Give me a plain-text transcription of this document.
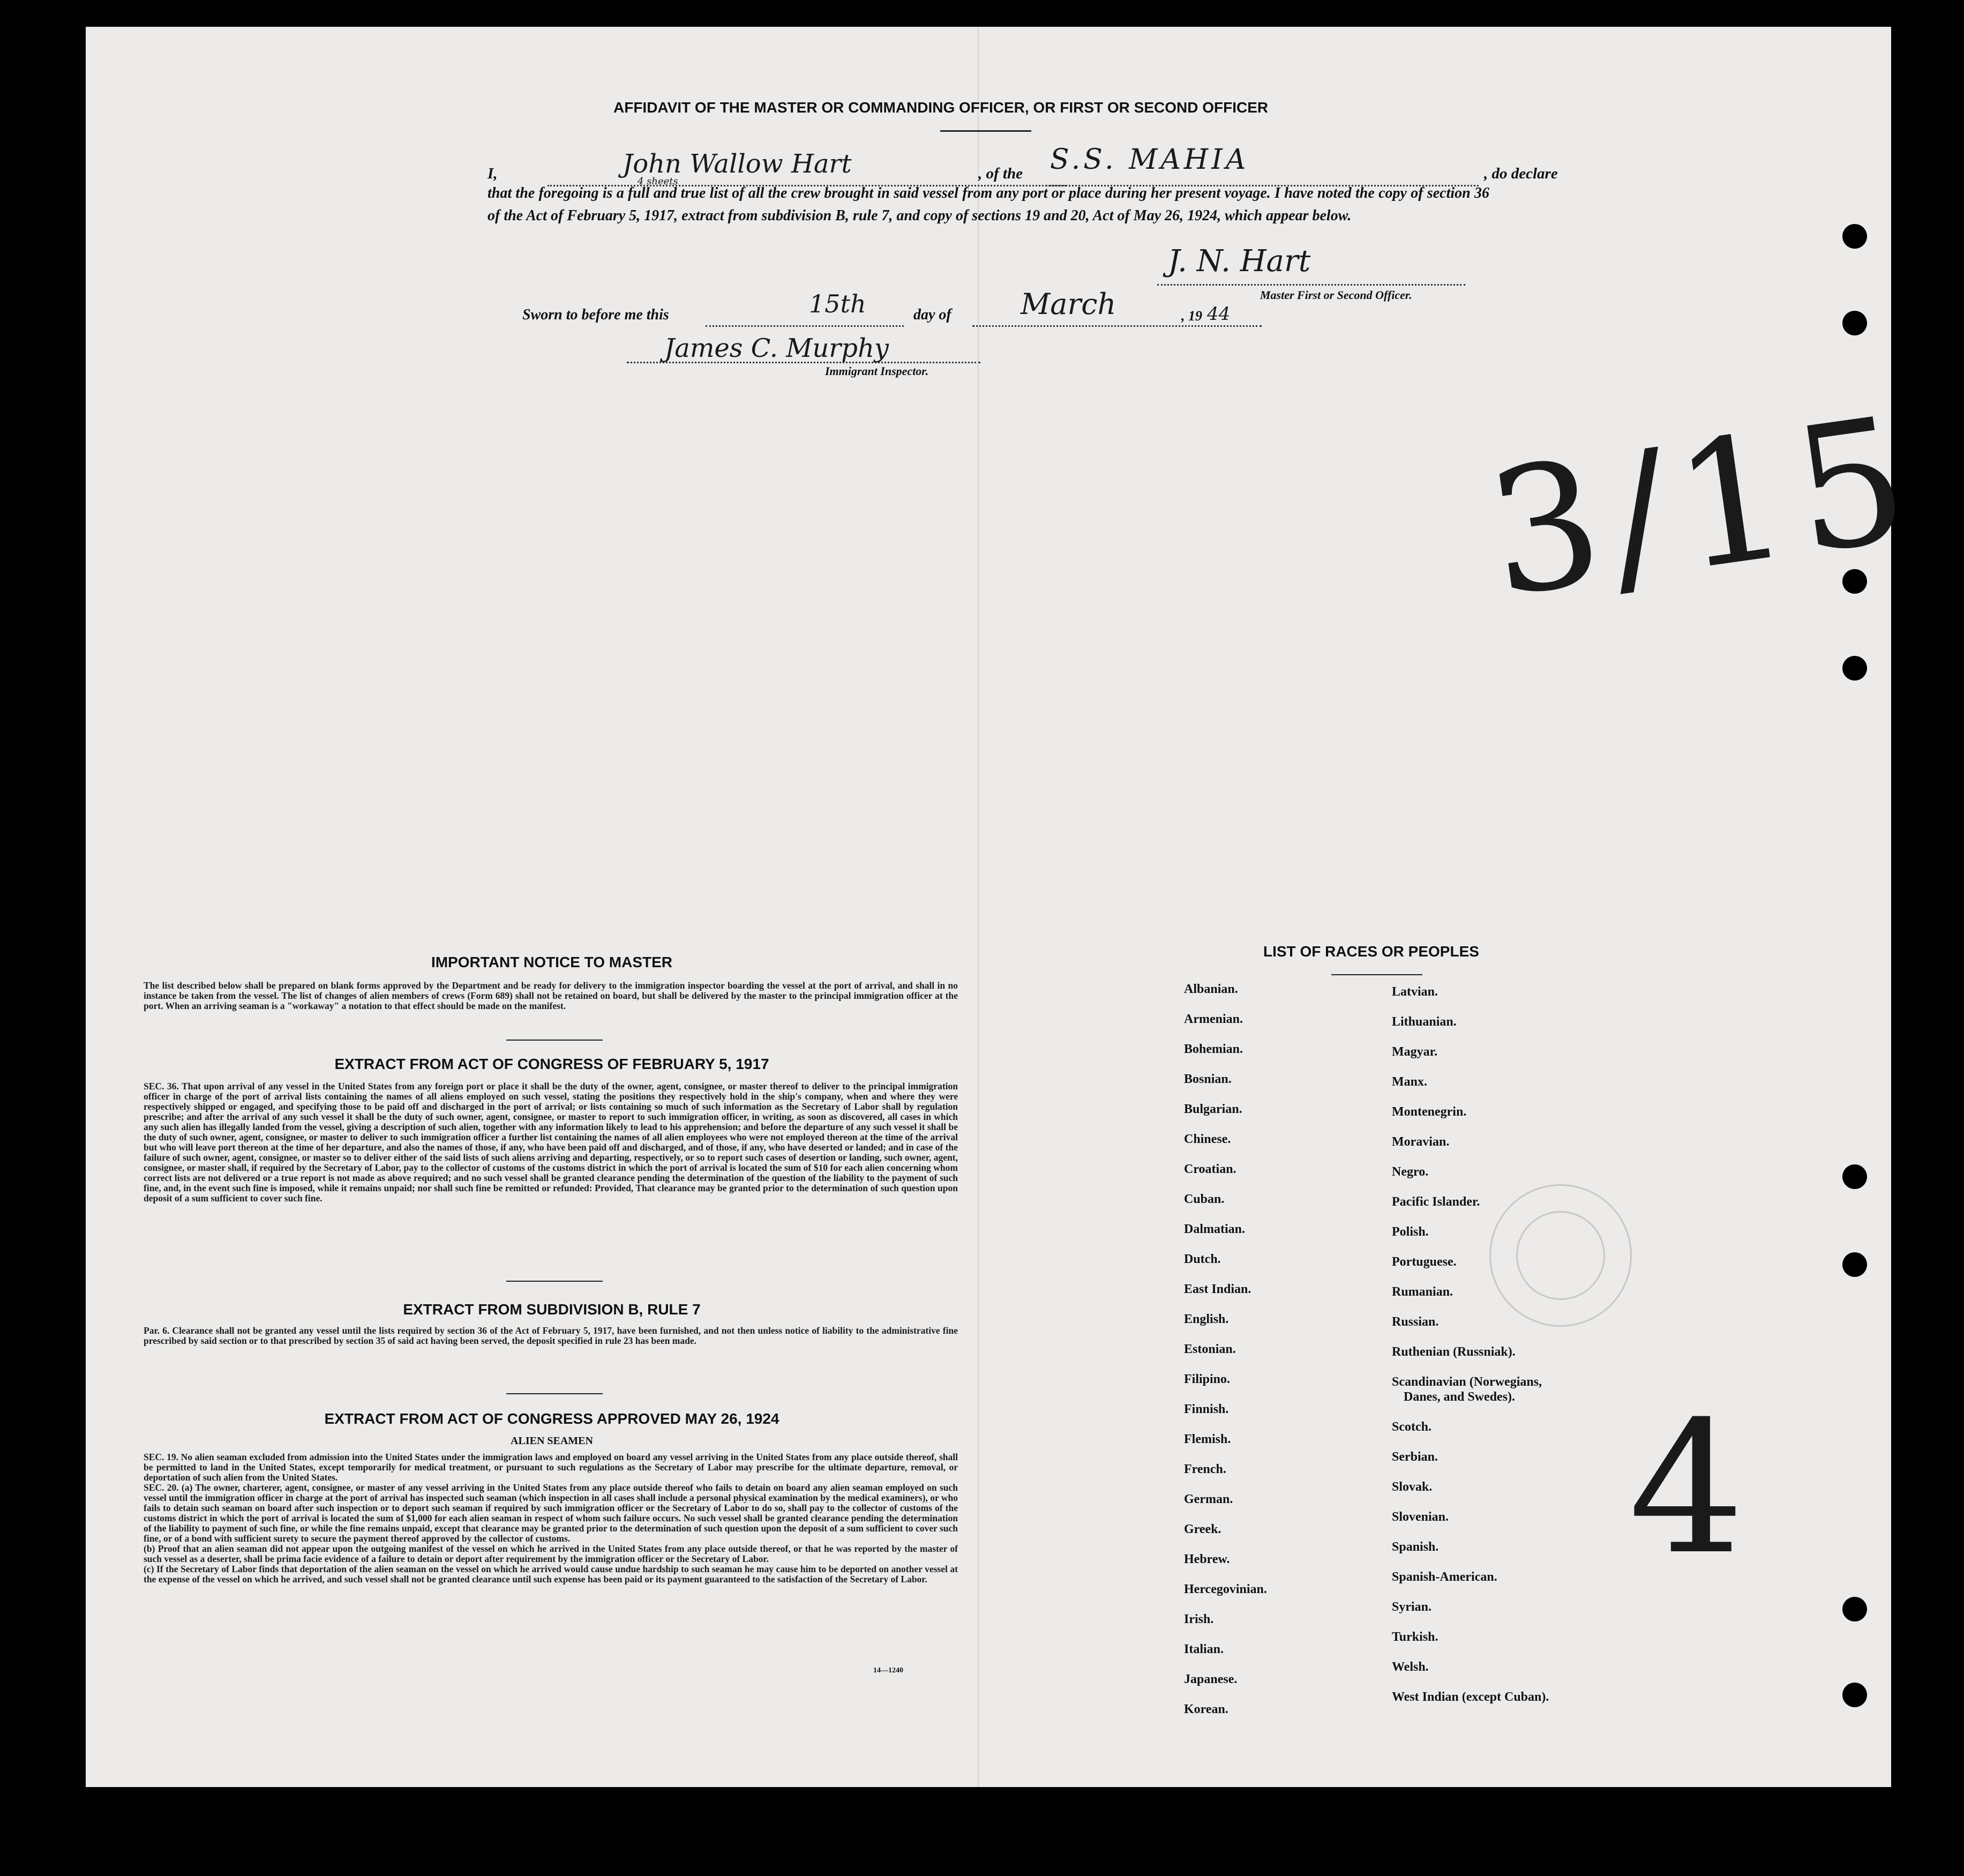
AFFIDAVIT OF THE MASTER OR COMMANDING OFFICER, OR FIRST OR SECOND OFFICER
I,	John Wallow Hart	, of the S.S. MAHIA	, do declare
4 sheets
that the foregoing is a full and true list of all the crew brought in said vessel from any port or place during her present voyage. I have noted the copy of section 36 of the Act of February 5, 1917, extract from subdivision B, rule 7, and copy of sections 19 and 20, Act of May 26, 1924, which appear below.
J. N. Hart
Master First or Second Officer.
Sworn to before me this	15th	day of March	, 19 44
James C. Murphy
Immigrant Inspector.
3/15
4
IMPORTANT NOTICE TO MASTER
The list described below shall be prepared on blank forms approved by the Department and be ready for delivery to the immigration inspector boarding the vessel at the port of arrival, and shall in no instance be taken from the vessel. The list of changes of alien members of crews (Form 689) shall not be retained on board, but shall be delivered by the master to the principal immigration officer at the port. When an arriving seaman is a "workaway" a notation to that effect should be made on the manifest.
EXTRACT FROM ACT OF CONGRESS OF FEBRUARY 5, 1917
SEC. 36. That upon arrival of any vessel in the United States from any foreign port or place it shall be the duty of the owner, agent, consignee, or master thereof to deliver to the principal immigration officer in charge of the port of arrival lists containing the names of all aliens employed on such vessel, stating the positions they respectively hold in the ship's company, when and where they were respectively shipped or engaged, and specifying those to be paid off and discharged in the port of arrival; or lists containing so much of such information as the Secretary of Labor shall by regulation prescribe; and after the arrival of any such vessel it shall be the duty of such owner, agent, consignee, or master to report to such immigration officer, in writing, as soon as discovered, all cases in which any such alien has illegally landed from the vessel, giving a description of such alien, together with any information likely to lead to his apprehension; and before the departure of any such vessel it shall be the duty of such owner, agent, consignee, or master to deliver to such immigration officer a further list containing the names of all alien employees who were not employed thereon at the time of the arrival but who will leave port thereon at the time of her departure, and also the names of those, if any, who have been paid off and discharged, and of those, if any, who have deserted or landed; and in case of the failure of such owner, agent, consignee, or master so to deliver either of the said lists of such aliens arriving and departing, respectively, or so to report such cases of desertion or landing, such owner, agent, consignee, or master shall, if required by the Secretary of Labor, pay to the collector of customs of the customs district in which the port of arrival is located the sum of $10 for each alien concerning whom correct lists are not delivered or a true report is not made as above required; and no such vessel shall be granted clearance pending the determination of the question of the liability to the payment of such fine, and, in the event such fine is imposed, while it remains unpaid; nor shall such fine be remitted or refunded: Provided, That clearance may be granted prior to the determination of such question upon deposit of a sum sufficient to cover such fine.
EXTRACT FROM SUBDIVISION B, RULE 7
Par. 6. Clearance shall not be granted any vessel until the lists required by section 36 of the Act of February 5, 1917, have been furnished, and not then unless notice of liability to the administrative fine prescribed by said section or to that prescribed by section 35 of said act having been served, the deposit specified in rule 23 has been made.
EXTRACT FROM ACT OF CONGRESS APPROVED MAY 26, 1924
ALIEN SEAMEN
SEC. 19. No alien seaman excluded from admission into the United States under the immigration laws and employed on board any vessel arriving in the United States from any place outside thereof, shall be permitted to land in the United States, except temporarily for medical treatment, or pursuant to such regulations as the Secretary of Labor may prescribe for the ultimate departure, removal, or deportation of such alien from the United States.
SEC. 20. (a) The owner, charterer, agent, consignee, or master of any vessel arriving in the United States from any place outside thereof who fails to detain on board any alien seaman employed on such vessel until the immigration officer in charge at the port of arrival has inspected such seaman (which inspection in all cases shall include a personal physical examination by the medical examiners), or who fails to detain such seaman on board after such inspection or to deport such seaman if required by such immigration officer or the Secretary of Labor to do so, shall pay to the collector of customs of the customs district in which the port of arrival is located the sum of $1,000 for each alien seaman in respect of whom such failure occurs. No such vessel shall be granted clearance pending the determination of the liability to payment of such fine, or while the fine remains unpaid, except that clearance may be granted prior to the determination of such question upon the deposit of a sum sufficient to cover such fine, or of a bond with sufficient surety to secure the payment thereof approved by the collector of customs.
(b) Proof that an alien seaman did not appear upon the outgoing manifest of the vessel on which he arrived in the United States from any place outside thereof, or that he was reported by the master of such vessel as a deserter, shall be prima facie evidence of a failure to detain or deport after requirement by the immigration officer or the Secretary of Labor.
(c) If the Secretary of Labor finds that deportation of the alien seaman on the vessel on which he arrived would cause undue hardship to such seaman he may cause him to be deported on another vessel at the expense of the vessel on which he arrived, and such vessel shall not be granted clearance until such expense has been paid or its payment guaranteed to the satisfaction of the Secretary of Labor.
14—1240
LIST OF RACES OR PEOPLES
Albanian.
Armenian.
Bohemian.
Bosnian.
Bulgarian.
Chinese.
Croatian.
Cuban.
Dalmatian.
Dutch.
East Indian.
English.
Estonian.
Filipino.
Finnish.
Flemish.
French.
German.
Greek.
Hebrew.
Hercegovinian.
Irish.
Italian.
Japanese.
Korean.
Latvian.
Lithuanian.
Magyar.
Manx.
Montenegrin.
Moravian.
Negro.
Pacific Islander.
Polish.
Portuguese.
Rumanian.
Russian.
Ruthenian (Russniak).
Scandinavian (Norwegians,
Danes, and Swedes).
Scotch.
Serbian.
Slovak.
Slovenian.
Spanish.
Spanish-American.
Syrian.
Turkish.
Welsh.
West Indian (except Cuban).
